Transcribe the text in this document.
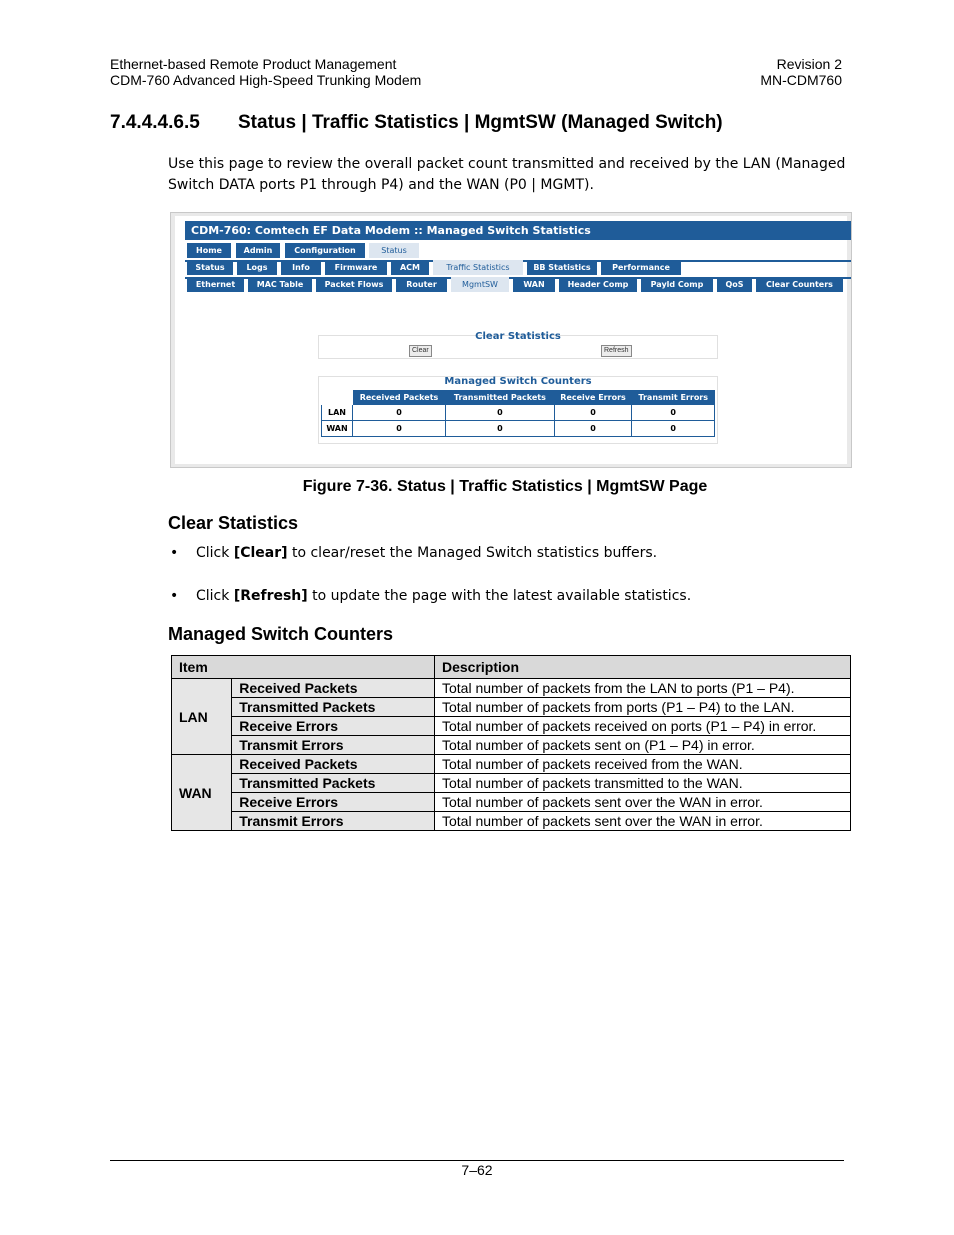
Ethernet-based Remote Product Management
CDM-760 Advanced High-Speed Trunking Modem
Revision 2
MN-CDM760
7.4.4.4.6.5 Status | Traffic Statistics | MgmtSW (Managed Switch)
Use this page to review the overall packet count transmitted and received by the LAN (Managed
Switch DATA ports P1 through P4) and the WAN (P0 | MGMT).
CDM-760: Comtech EF Data Modem :: Managed Switch Statistics
Home	Admin	Configuration	Status
Status	Logs	Info	Firmware	ACM	Traffic Statistics	BB Statistics	Performance
Ethernet	MAC Table	Packet Flows	Router	MgmtSW	WAN	Header Comp	Payld Comp	QoS	Clear Counters
Clear Statistics
Clear	Refresh
Managed Switch Counters
	Received Packets	Transmitted Packets	Receive Errors	Transmit Errors
LAN	0	0	0	0
WAN	0	0	0	0
Figure 7-36. Status | Traffic Statistics | MgmtSW Page
Clear Statistics
• Click [Clear] to clear/reset the Managed Switch statistics buffers.
• Click [Refresh] to update the page with the latest available statistics.
Managed Switch Counters
Item		Description
LAN	Received Packets	Total number of packets from the LAN to ports (P1 – P4).
	Transmitted Packets	Total number of packets from ports (P1 – P4) to the LAN.
	Receive Errors	Total number of packets received on ports (P1 – P4) in error.
	Transmit Errors	Total number of packets sent on (P1 – P4) in error.
WAN	Received Packets	Total number of packets received from the WAN.
	Transmitted Packets	Total number of packets transmitted to the WAN.
	Receive Errors	Total number of packets sent over the WAN in error.
	Transmit Errors	Total number of packets sent over the WAN in error.
7–62
